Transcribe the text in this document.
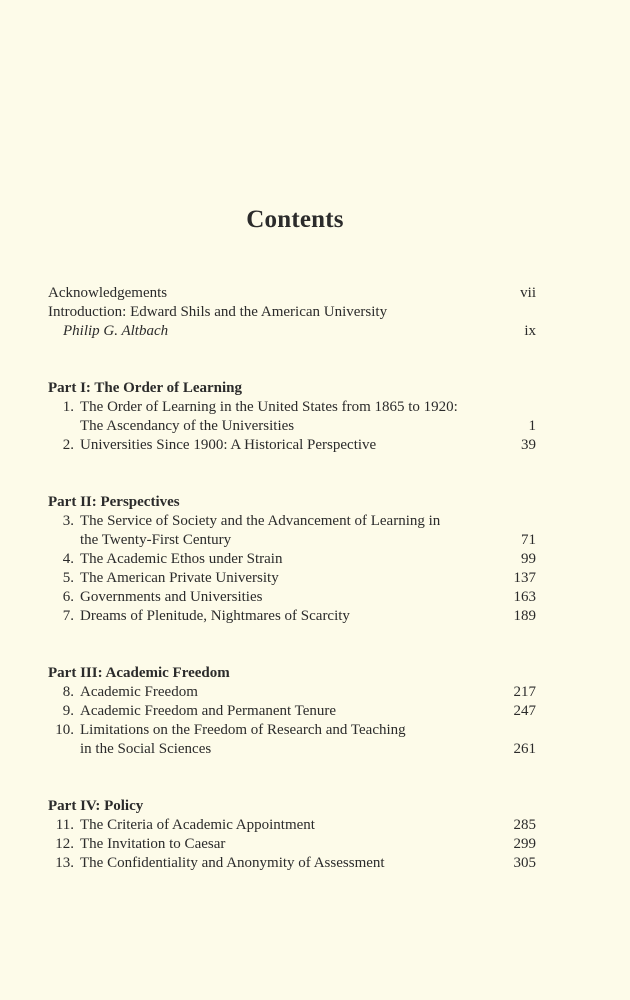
Contents
Acknowledgements	vii
Introduction: Edward Shils and the American University
Philip G. Altbach	ix
Part I: The Order of Learning
1. The Order of Learning in the United States from 1865 to 1920:
The Ascendancy of the Universities	1
2. Universities Since 1900: A Historical Perspective	39
Part II: Perspectives
3. The Service of Society and the Advancement of Learning in
the Twenty-First Century	71
4. The Academic Ethos under Strain	99
5. The American Private University	137
6. Governments and Universities	163
7. Dreams of Plenitude, Nightmares of Scarcity	189
Part III: Academic Freedom
8. Academic Freedom	217
9. Academic Freedom and Permanent Tenure	247
10. Limitations on the Freedom of Research and Teaching
in the Social Sciences	261
Part IV: Policy
11. The Criteria of Academic Appointment	285
12. The Invitation to Caesar	299
13. The Confidentiality and Anonymity of Assessment	305
